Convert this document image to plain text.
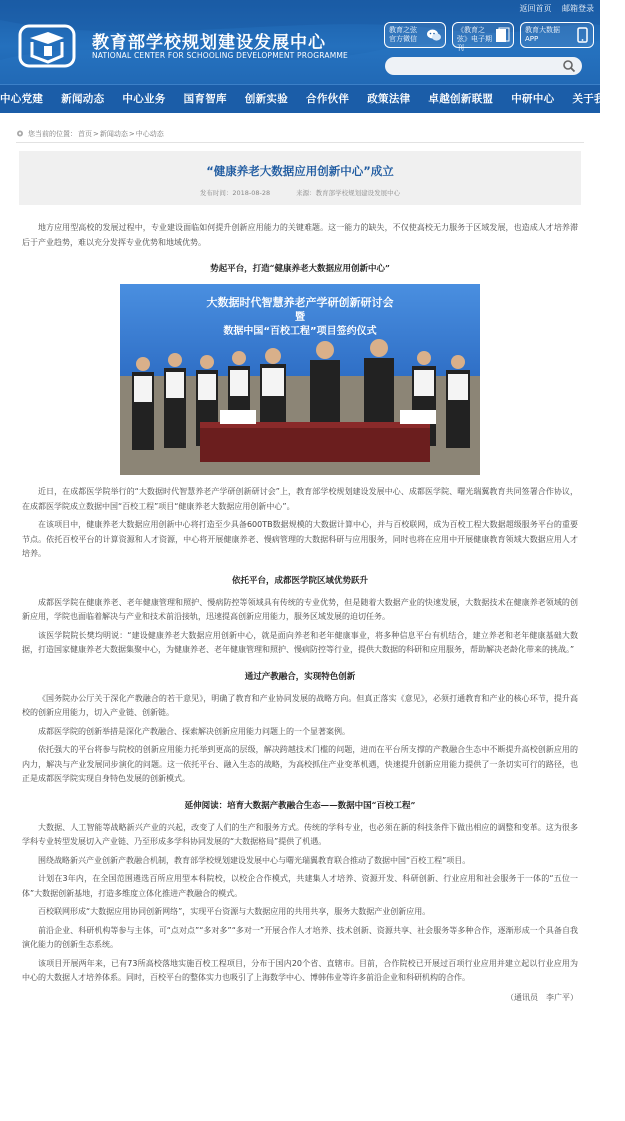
教育部学校规划建设发展中心
NATIONAL CENTER FOR SCHOOLING DEVELOPMENT PROGRAMME
返回首页 邮箱登录
教育之弦 官方微信
《教育之弦》电子期刊
教育大数据APP
中心党建 新闻动态 中心业务 国育智库 创新实验 合作伙伴 政策法律 卓越创新联盟 中研中心 关于我们
您当前的位置：首页>新闻动态>中心动态
“健康养老大数据应用创新中心”成立
发布时间：2018-08-28	来源：教育部学校规划建设发展中心

地方应用型高校的发展过程中，专业建设面临如何提升创新应用能力的关键难题。这一能力的缺失，不仅使高校无力服务于区域发展，也造成人才培养滞后于产业趋势，难以充分发挥专业优势和地域优势。

势起平台，打造“健康养老大数据应用创新中心”
大数据时代智慧养老产学研创新研讨会
暨
数据中国“百校工程”项目签约仪式

近日，在成都医学院举行的“大数据时代智慧养老产学研创新研讨会”上，教育部学校规划建设发展中心、成都医学院、曙光瑞翼教育共同签署合作协议，在成都医学院成立数据中国“百校工程”项目“健康养老大数据应用创新中心”。

在该项目中，健康养老大数据应用创新中心将打造至少具备600TB数据规模的大数据计算中心，并与百校联网，成为百校工程大数据超级服务平台的重要节点。依托百校平台的计算资源和人才资源，中心将开展健康养老、慢病管理的大数据科研与应用服务，同时也将在应用中开展健康教育领域大数据应用人才培养。

依托平台，成都医学院区域优势跃升

成都医学院在健康养老、老年健康管理和照护、慢病防控等领域具有传统的专业优势，但是随着大数据产业的快速发展，大数据技术在健康养老领域的创新应用，学院也面临着解决与产业和技术前沿接轨，迅速提高创新应用能力，服务区域发展的迫切任务。

该医学院院长樊均明说：“建设健康养老大数据应用创新中心，就是面向养老和老年健康事业，将多种信息平台有机结合，建立养老和老年健康基础大数据，打造国家健康养老大数据集聚中心，为健康养老、老年健康管理和照护、慢病防控等行业，提供大数据的科研和应用服务，帮助解决老龄化带来的挑战。”

通过产教融合，实现特色创新

《国务院办公厅关于深化产教融合的若干意见》，明确了教育和产业协同发展的战略方向。但真正落实《意见》，必须打通教育和产业的核心环节，提升高校的创新应用能力，切入产业链、创新链。

成都医学院的创新举措是深化产教融合、探索解决创新应用能力问题上的一个显著案例。

依托强大的平台将参与院校的创新应用能力托举到更高的层级，解决跨越技术门槛的问题，进而在平台所支撑的产教融合生态中不断提升高校创新应用的内力，解决与产业发展同步演化的问题。这一依托平台、融入生态的战略，为高校抓住产业变革机遇，快速提升创新应用能力提供了一条切实可行的路径，也正是成都医学院实现自身特色发展的创新模式。

延伸阅读：培育大数据产教融合生态——数据中国“百校工程”

大数据、人工智能等战略新兴产业的兴起，改变了人们的生产和服务方式。传统的学科专业，也必须在新的科技条件下做出相应的调整和变革。这为很多学科专业转型发展切入产业链、乃至形成多学科协同发展的“大数据格局”提供了机遇。

围绕战略新兴产业创新产教融合机制，教育部学校规划建设发展中心与曙光瑞翼教育联合推动了数据中国“百校工程”项目。

计划在3年内，在全国范围遴选百所应用型本科院校，以校企合作模式，共建集人才培养、资源开发、科研创新、行业应用和社会服务于一体的“五位一体”大数据创新基地，打造多维度立体化推进产教融合的模式。

百校联网形成“大数据应用协同创新网络”，实现平台资源与大数据应用的共用共享，服务大数据产业创新应用。

前沿企业、科研机构等参与主体，可“点对点”“多对多”“多对一”开展合作人才培养、技术创新、资源共享、社会服务等多种合作，逐渐形成一个具备自我演化能力的创新生态系统。

该项目开展两年来，已有73所高校落地实施百校工程项目，分布于国内20个省、直辖市。目前，合作院校已开展过百项行业应用并建立起以行业应用为中心的大数据人才培养体系。同时，百校平台的整体实力也吸引了上海数学中心、博韩伟业等许多前沿企业和科研机构的合作。

（通讯员　李广平）
